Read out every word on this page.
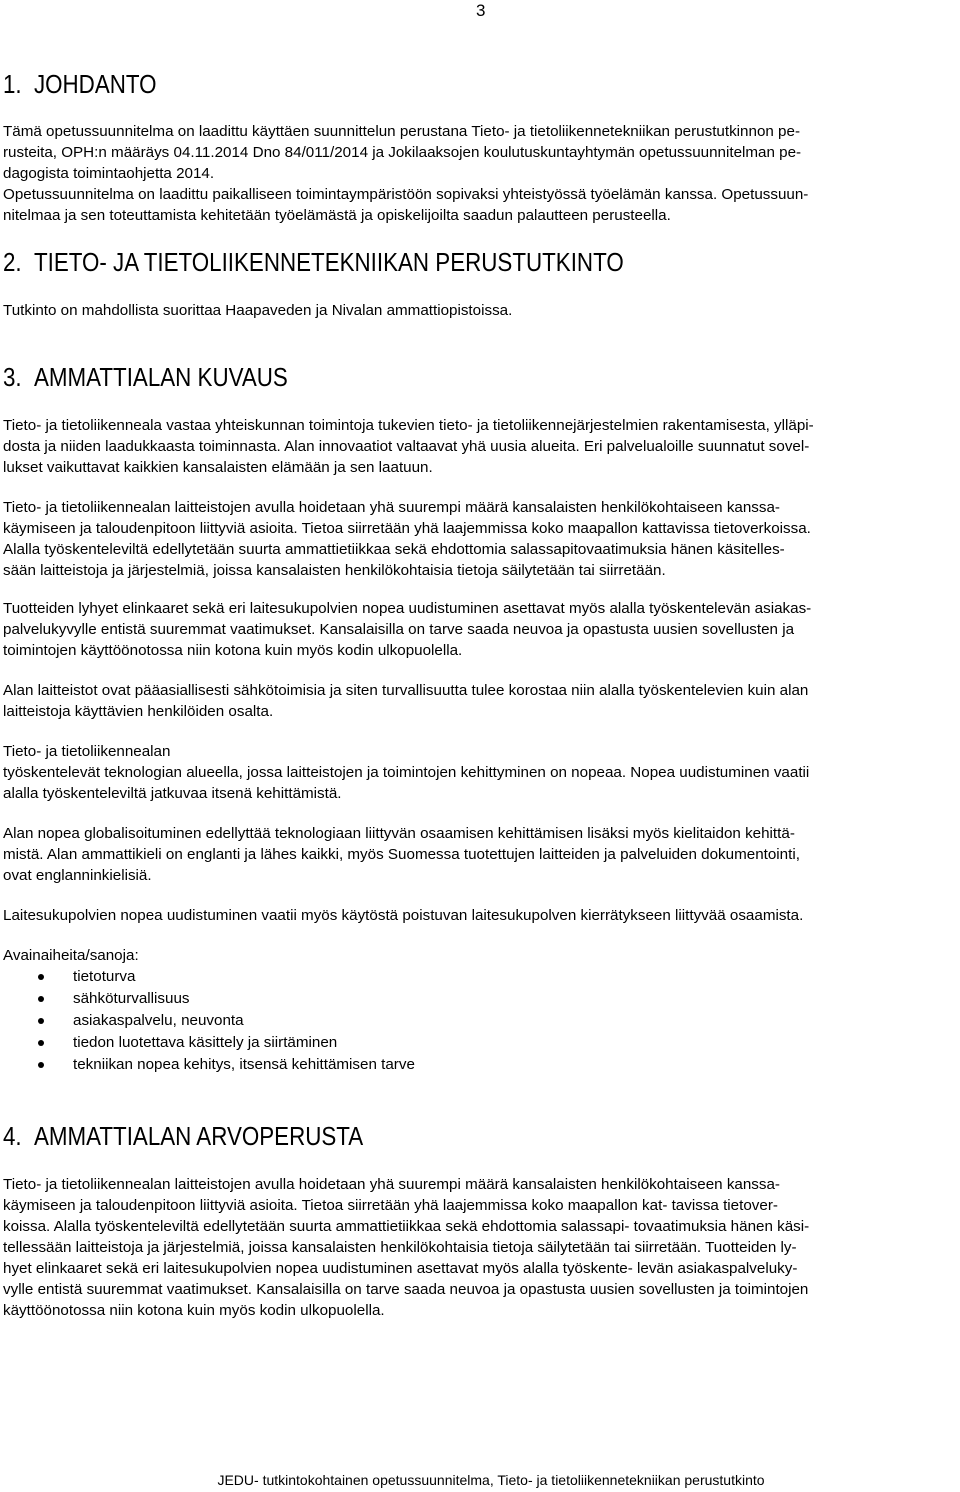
3
1. JOHDANTO

Tämä opetussuunnitelma on laadittu käyttäen suunnittelun perustana Tieto- ja tietoliikennetekniikan perustutkinnon pe-
rusteita, OPH:n määräys 04.11.2014 Dno 84/011/2014 ja Jokilaaksojen koulutuskuntayhtymän opetussuunnitelman pe-
dagogista toimintaohjetta 2014.
Opetussuunnitelma on laadittu paikalliseen toimintaympäristöön sopivaksi yhteistyössä työelämän kanssa. Opetussuun-
nitelmaa ja sen toteuttamista kehitetään työelämästä ja opiskelijoilta saadun palautteen perusteella.

2. TIETO- JA TIETOLIIKENNETEKNIIKAN PERUSTUTKINTO

Tutkinto on mahdollista suorittaa Haapaveden ja Nivalan ammattiopistoissa.

3. AMMATTIALAN KUVAUS

Tieto- ja tietoliikenneala vastaa yhteiskunnan toimintoja tukevien tieto- ja tietoliikennejärjestelmien rakentamisesta, ylläpi-
dosta ja niiden laadukkaasta toiminnasta. Alan innovaatiot valtaavat yhä uusia alueita. Eri palvelualoille suunnatut sovel-
lukset vaikuttavat kaikkien kansalaisten elämään ja sen laatuun.

Tieto- ja tietoliikennealan laitteistojen avulla hoidetaan yhä suurempi määrä kansalaisten henkilökohtaiseen kanssa-
käymiseen ja taloudenpitoon liittyviä asioita. Tietoa siirretään yhä laajemmissa koko maapallon kattavissa tietoverkoissa.
Alalla työskenteleviltä edellytetään suurta ammattietiikkaa sekä ehdottomia salassapitovaatimuksia hänen käsitelles-
sään laitteistoja ja järjestelmiä, joissa kansalaisten henkilökohtaisia tietoja säilytetään tai siirretään.

Tuotteiden lyhyet elinkaaret sekä eri laitesukupolvien nopea uudistuminen asettavat myös alalla työskentelevän asiakas-
palvelukyvylle entistä suuremmat vaatimukset. Kansalaisilla on tarve saada neuvoa ja opastusta uusien sovellusten ja
toimintojen käyttöönotossa niin kotona kuin myös kodin ulkopuolella.

Alan laitteistot ovat pääasiallisesti sähkötoimisia ja siten turvallisuutta tulee korostaa niin alalla työskentelevien kuin alan
laitteistoja käyttävien henkilöiden osalta.

Tieto- ja tietoliikennealan
työskentelevät teknologian alueella, jossa laitteistojen ja toimintojen kehittyminen on nopeaa. Nopea uudistuminen vaatii
alalla työskenteleviltä jatkuvaa itsenä kehittämistä.

Alan nopea globalisoituminen edellyttää teknologiaan liittyvän osaamisen kehittämisen lisäksi myös kielitaidon kehittä-
mistä. Alan ammattikieli on englanti ja lähes kaikki, myös Suomessa tuotettujen laitteiden ja palveluiden dokumentointi,
ovat englanninkielisiä.

Laitesukupolvien nopea uudistuminen vaatii myös käytöstä poistuvan laitesukupolven kierrätykseen liittyvää osaamista.

Avainaiheita/sanoja:

tietoturva
sähköturvallisuus
asiakaspalvelu, neuvonta
tiedon luotettava käsittely ja siirtäminen
tekniikan nopea kehitys, itsensä kehittämisen tarve
4. AMMATTIALAN ARVOPERUSTA

Tieto- ja tietoliikennealan laitteistojen avulla hoidetaan yhä suurempi määrä kansalaisten henkilökohtaiseen kanssa-
käymiseen ja taloudenpitoon liittyviä asioita. Tietoa siirretään yhä laajemmissa koko maapallon kat- tavissa tietover-
koissa. Alalla työskenteleviltä edellytetään suurta ammattietiikkaa sekä ehdottomia salassapi- tovaatimuksia hänen käsi-
tellessään laitteistoja ja järjestelmiä, joissa kansalaisten henkilökohtaisia tietoja säilytetään tai siirretään. Tuotteiden ly-
hyet elinkaaret sekä eri laitesukupolvien nopea uudistuminen asettavat myös alalla työskente- levän asiakaspalveluky-
vylle entistä suuremmat vaatimukset. Kansalaisilla on tarve saada neuvoa ja opastusta uusien sovellusten ja toimintojen
käyttöönotossa niin kotona kuin myös kodin ulkopuolella.

JEDU- tutkintokohtainen opetussuunnitelma, Tieto- ja tietoliikennetekniikan perustutkinto
